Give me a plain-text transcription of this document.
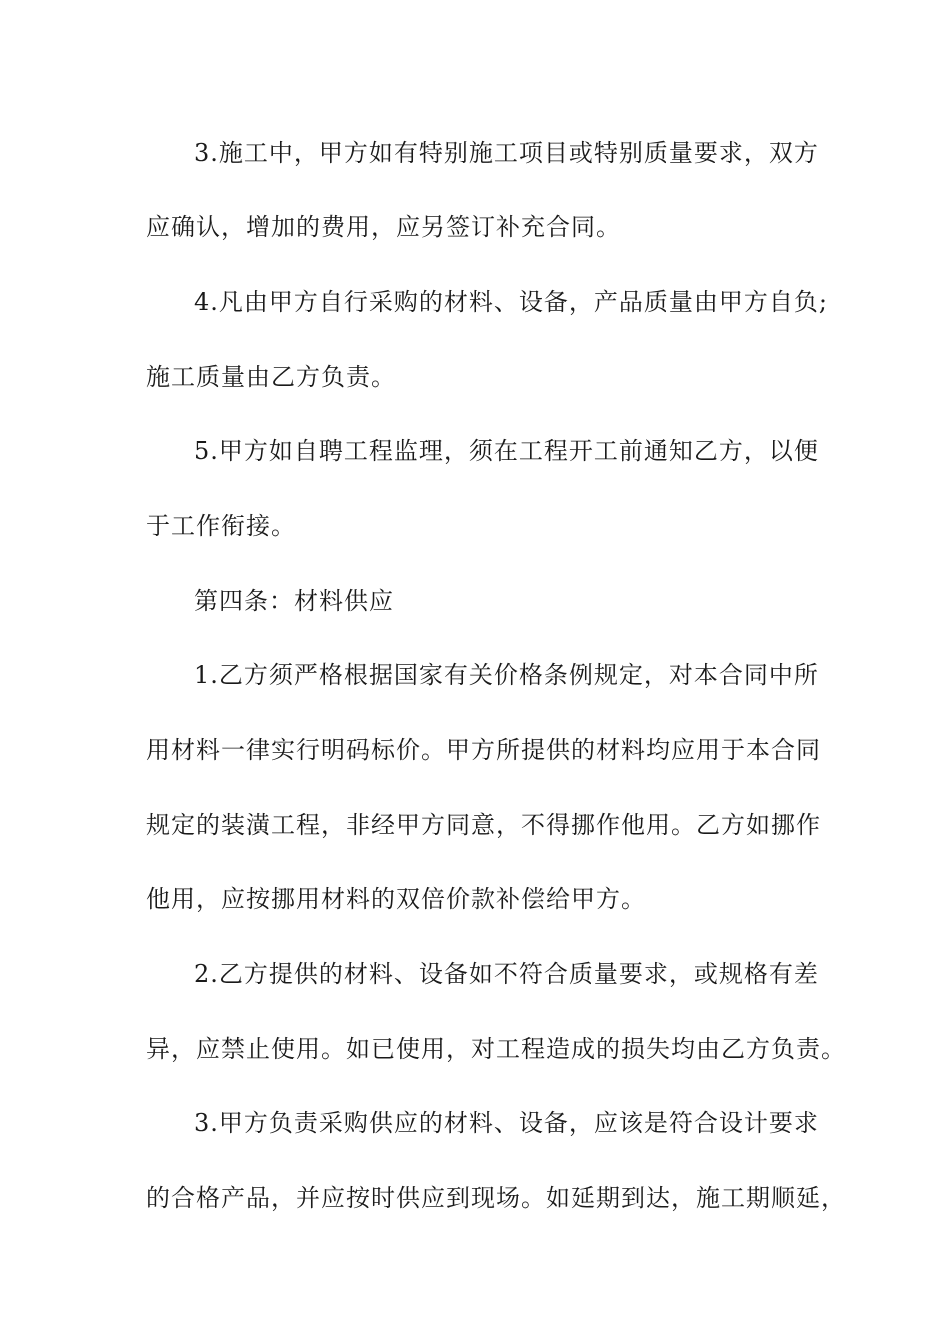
3.施工中，甲方如有特别施工项目或特别质量要求，双方
应确认，增加的费用，应另签订补充合同。
4.凡由甲方自行采购的材料、设备，产品质量由甲方自负;
施工质量由乙方负责。
5.甲方如自聘工程监理，须在工程开工前通知乙方，以便
于工作衔接。
第四条：材料供应
1.乙方须严格根据国家有关价格条例规定，对本合同中所
用材料一律实行明码标价。甲方所提供的材料均应用于本合同
规定的装潢工程，非经甲方同意，不得挪作他用。乙方如挪作
他用，应按挪用材料的双倍价款补偿给甲方。
2.乙方提供的材料、设备如不符合质量要求，或规格有差
异，应禁止使用。如已使用，对工程造成的损失均由乙方负责。
3.甲方负责采购供应的材料、设备，应该是符合设计要求
的合格产品，并应按时供应到现场。如延期到达，施工期顺延，
